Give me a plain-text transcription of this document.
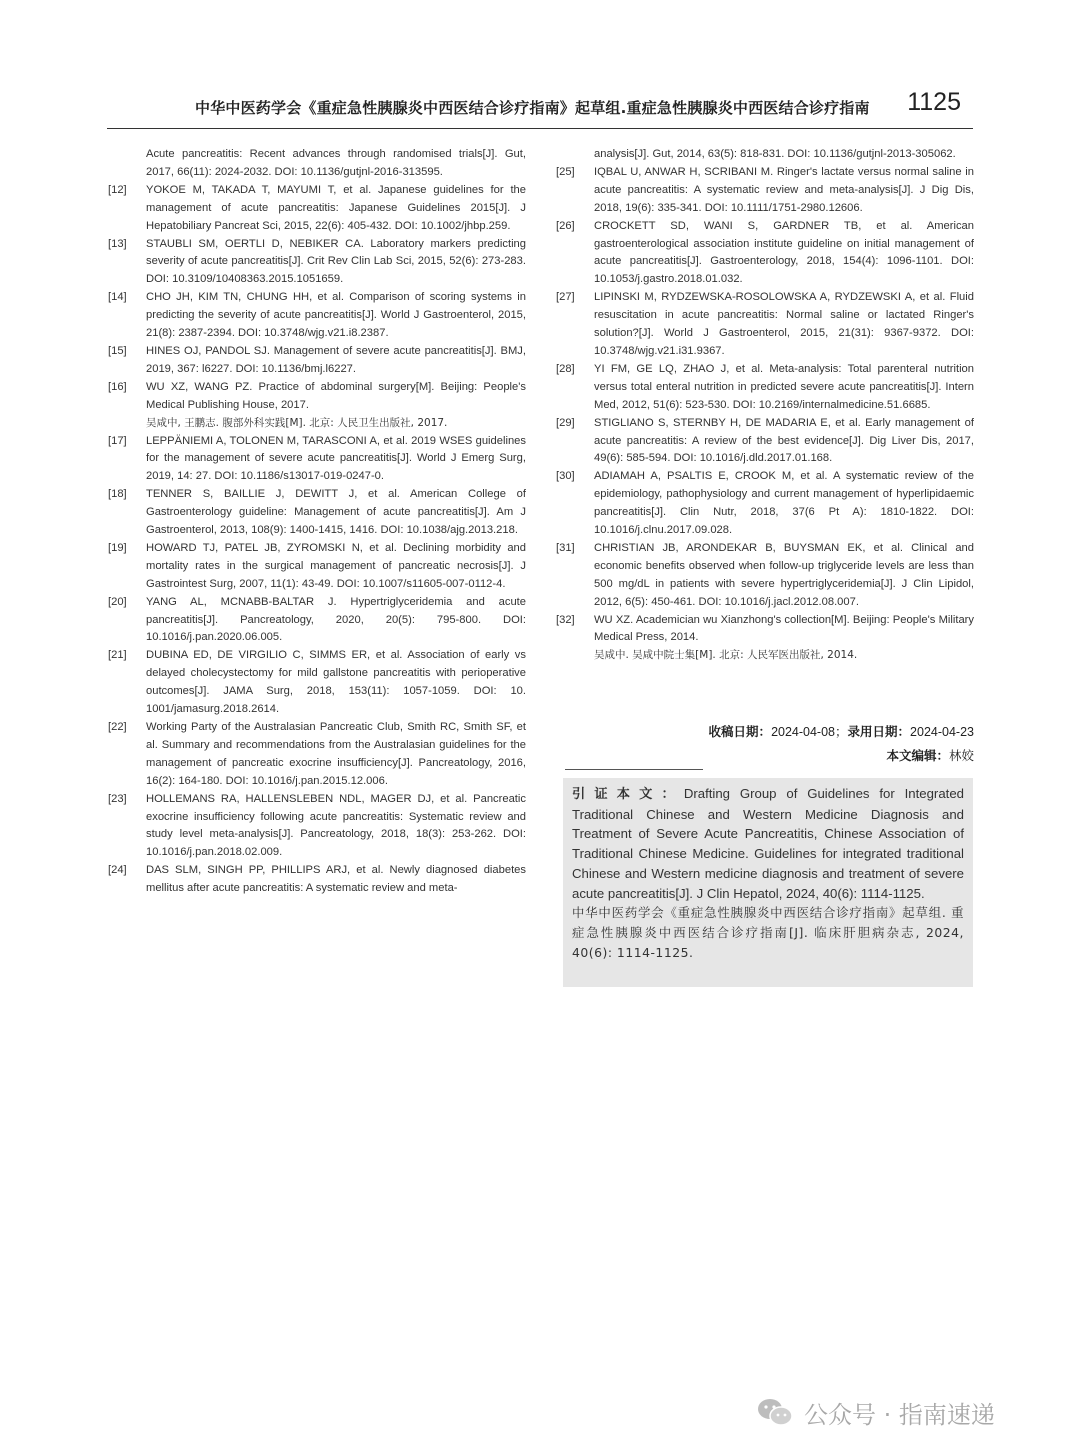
中华中医药学会《重症急性胰腺炎中西医结合诊疗指南》起草组.重症急性胰腺炎中西医结合诊疗指南 1125
Acute pancreatitis: Recent advances through randomised trials[J]. Gut, 2017, 66(11): 2024-2032. DOI: 10.1136/gutjnl-2016-313595.
[12] YOKOE M, TAKADA T, MAYUMI T, et al. Japanese guidelines for the management of acute pancreatitis: Japanese Guidelines 2015[J]. J Hepatobiliary Pancreat Sci, 2015, 22(6): 405-432. DOI: 10.1002/jhbp.259.
[13] STAUBLI SM, OERTLI D, NEBIKER CA. Laboratory markers predicting severity of acute pancreatitis[J]. Crit Rev Clin Lab Sci, 2015, 52(6): 273-283. DOI: 10.3109/10408363.2015.1051659.
[14] CHO JH, KIM TN, CHUNG HH, et al. Comparison of scoring systems in predicting the severity of acute pancreatitis[J]. World J Gastroenterol, 2015, 21(8): 2387-2394. DOI: 10.3748/wjg.v21.i8.2387.
[15] HINES OJ, PANDOL SJ. Management of severe acute pancreatitis[J]. BMJ, 2019, 367: l6227. DOI: 10.1136/bmj.l6227.
[16] WU XZ, WANG PZ. Practice of abdominal surgery[M]. Beijing: People's Medical Publishing House, 2017.
吴咸中, 王鹏志. 腹部外科实践[M]. 北京: 人民卫生出版社, 2017.
[17] LEPPÄNIEMI A, TOLONEN M, TARASCONI A, et al. 2019 WSES guidelines for the management of severe acute pancreatitis[J]. World J Emerg Surg, 2019, 14: 27. DOI: 10.1186/s13017-019-0247-0.
[18] TENNER S, BAILLIE J, DEWITT J, et al. American College of Gastroenterology guideline: Management of acute pancreatitis[J]. Am J Gastroenterol, 2013, 108(9): 1400-1415, 1416. DOI: 10.1038/ajg.2013.218.
[19] HOWARD TJ, PATEL JB, ZYROMSKI N, et al. Declining morbidity and mortality rates in the surgical management of pancreatic necrosis[J]. J Gastrointest Surg, 2007, 11(1): 43-49. DOI: 10.1007/s11605-007-0112-4.
[20] YANG AL, MCNABB-BALTAR J. Hypertriglyceridemia and acute pancreatitis[J]. Pancreatology, 2020, 20(5): 795-800. DOI: 10.1016/j.pan.2020.06.005.
[21] DUBINA ED, DE VIRGILIO C, SIMMS ER, et al. Association of early vs delayed cholecystectomy for mild gallstone pancreatitis with perioperative outcomes[J]. JAMA Surg, 2018, 153(11): 1057-1059. DOI: 10. 1001/jamasurg.2018.2614.
[22] Working Party of the Australasian Pancreatic Club, Smith RC, Smith SF, et al. Summary and recommendations from the Australasian guidelines for the management of pancreatic exocrine insufficiency[J]. Pancreatology, 2016, 16(2): 164-180. DOI: 10.1016/j.pan.2015.12.006.
[23] HOLLEMANS RA, HALLENSLEBEN NDL, MAGER DJ, et al. Pancreatic exocrine insufficiency following acute pancreatitis: Systematic review and study level meta-analysis[J]. Pancreatology, 2018, 18(3): 253-262. DOI: 10.1016/j.pan.2018.02.009.
[24] DAS SLM, SINGH PP, PHILLIPS ARJ, et al. Newly diagnosed diabetes mellitus after acute pancreatitis: A systematic review and meta-
analysis[J]. Gut, 2014, 63(5): 818-831. DOI: 10.1136/gutjnl-2013-305062.
[25] IQBAL U, ANWAR H, SCRIBANI M. Ringer's lactate versus normal saline in acute pancreatitis: A systematic review and meta-analysis[J]. J Dig Dis, 2018, 19(6): 335-341. DOI: 10.1111/1751-2980.12606.
[26] CROCKETT SD, WANI S, GARDNER TB, et al. American gastroenterological association institute guideline on initial management of acute pancreatitis[J]. Gastroenterology, 2018, 154(4): 1096-1101. DOI: 10.1053/j.gastro.2018.01.032.
[27] LIPINSKI M, RYDZEWSKA-ROSOLOWSKA A, RYDZEWSKI A, et al. Fluid resuscitation in acute pancreatitis: Normal saline or lactated Ringer's solution?[J]. World J Gastroenterol, 2015, 21(31): 9367-9372. DOI: 10.3748/wjg.v21.i31.9367.
[28] YI FM, GE LQ, ZHAO J, et al. Meta-analysis: Total parenteral nutrition versus total enteral nutrition in predicted severe acute pancreatitis[J]. Intern Med, 2012, 51(6): 523-530. DOI: 10.2169/internalmedicine.51.6685.
[29] STIGLIANO S, STERNBY H, DE MADARIA E, et al. Early management of acute pancreatitis: A review of the best evidence[J]. Dig Liver Dis, 2017, 49(6): 585-594. DOI: 10.1016/j.dld.2017.01.168.
[30] ADIAMAH A, PSALTIS E, CROOK M, et al. A systematic review of the epidemiology, pathophysiology and current management of hyperlipidaemic pancreatitis[J]. Clin Nutr, 2018, 37(6 Pt A): 1810-1822. DOI: 10.1016/j.clnu.2017.09.028.
[31] CHRISTIAN JB, ARONDEKAR B, BUYSMAN EK, et al. Clinical and economic benefits observed when follow-up triglyceride levels are less than 500 mg/dL in patients with severe hypertriglyceridemia[J]. J Clin Lipidol, 2012, 6(5): 450-461. DOI: 10.1016/j.jacl.2012.08.007.
[32] WU XZ. Academician wu Xianzhong's collection[M]. Beijing: People's Military Medical Press, 2014.
吴咸中. 吴咸中院士集[M]. 北京: 人民军医出版社, 2014.
收稿日期：2024-04-08；录用日期：2024-04-23
本文编辑：林姣
引证本文：Drafting Group of Guidelines for Integrated Traditional Chinese and Western Medicine Diagnosis and Treatment of Severe Acute Pancreatitis, Chinese Association of Traditional Chinese Medicine. Guidelines for integrated traditional Chinese and Western medicine diagnosis and treatment of severe acute pancreatitis[J]. J Clin Hepatol, 2024, 40(6): 1114-1125.
中华中医药学会《重症急性胰腺炎中西医结合诊疗指南》起草组. 重症急性胰腺炎中西医结合诊疗指南[J]. 临床肝胆病杂志, 2024, 40(6): 1114-1125.
公众号 · 指南速递
